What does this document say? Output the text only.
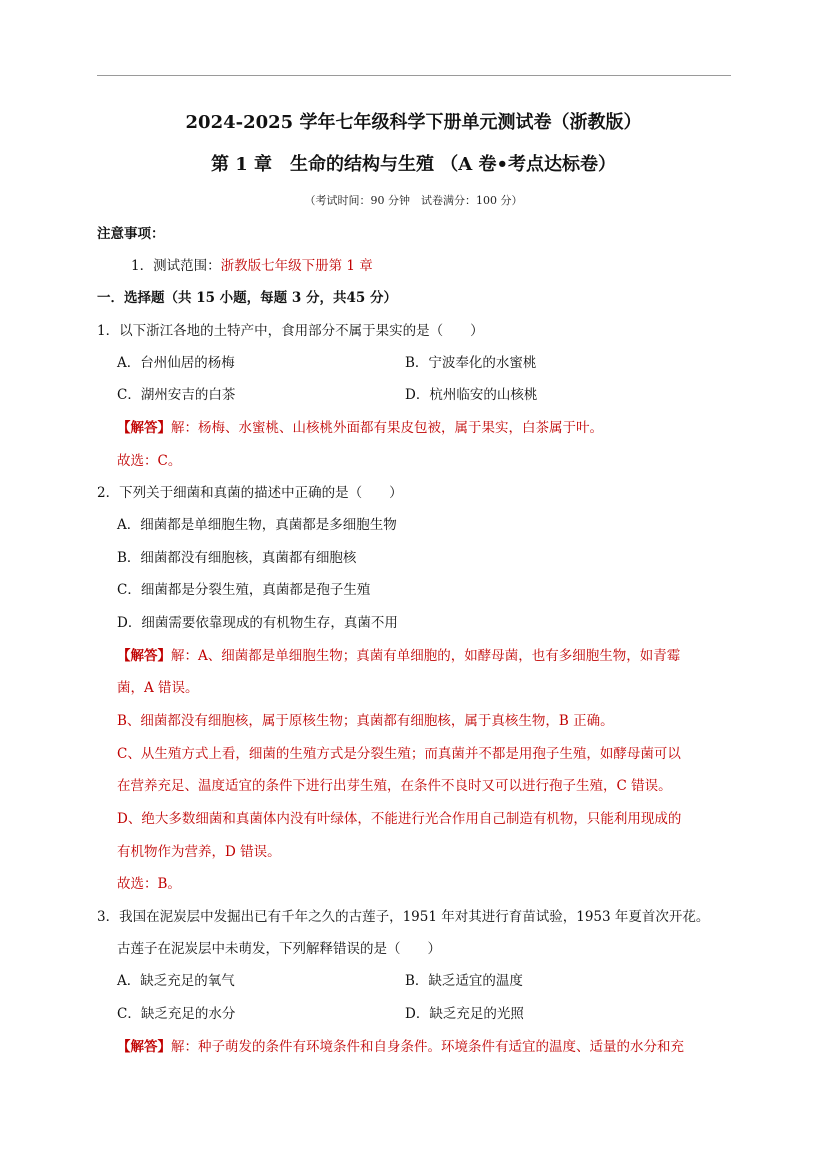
2024-2025 学年七年级科学下册单元测试卷（浙教版）
第 1 章　生命的结构与生殖 （A 卷•考点达标卷）
（考试时间：90 分钟　试卷满分：100 分）
注意事项：
1．测试范围：浙教版七年级下册第 1 章
一．选择题（共 15 小题，每题 3 分，共45 分）
1．以下浙江各地的土特产中，食用部分不属于果实的是（　　）
A．台州仙居的杨梅	B．宁波奉化的水蜜桃
C．湖州安吉的白茶	D．杭州临安的山核桃
【解答】解：杨梅、水蜜桃、山核桃外面都有果皮包被，属于果实，白茶属于叶。
故选：C。
2．下列关于细菌和真菌的描述中正确的是（　　）
A．细菌都是单细胞生物，真菌都是多细胞生物
B．细菌都没有细胞核，真菌都有细胞核
C．细菌都是分裂生殖，真菌都是孢子生殖
D．细菌需要依靠现成的有机物生存，真菌不用
【解答】解：A、细菌都是单细胞生物；真菌有单细胞的，如酵母菌，也有多细胞生物，如青霉
菌，A 错误。
B、细菌都没有细胞核，属于原核生物；真菌都有细胞核，属于真核生物，B 正确。
C、从生殖方式上看，细菌的生殖方式是分裂生殖；而真菌并不都是用孢子生殖，如酵母菌可以
在营养充足、温度适宜的条件下进行出芽生殖，在条件不良时又可以进行孢子生殖，C 错误。
D、绝大多数细菌和真菌体内没有叶绿体，不能进行光合作用自己制造有机物，只能利用现成的
有机物作为营养，D 错误。
故选：B。
3．我国在泥炭层中发掘出已有千年之久的古莲子，1951 年对其进行育苗试验，1953 年夏首次开花。
古莲子在泥炭层中未萌发，下列解释错误的是（　　）
A．缺乏充足的氧气	B．缺乏适宜的温度
C．缺乏充足的水分	D．缺乏充足的光照
【解答】解：种子萌发的条件有环境条件和自身条件。环境条件有适宜的温度、适量的水分和充
